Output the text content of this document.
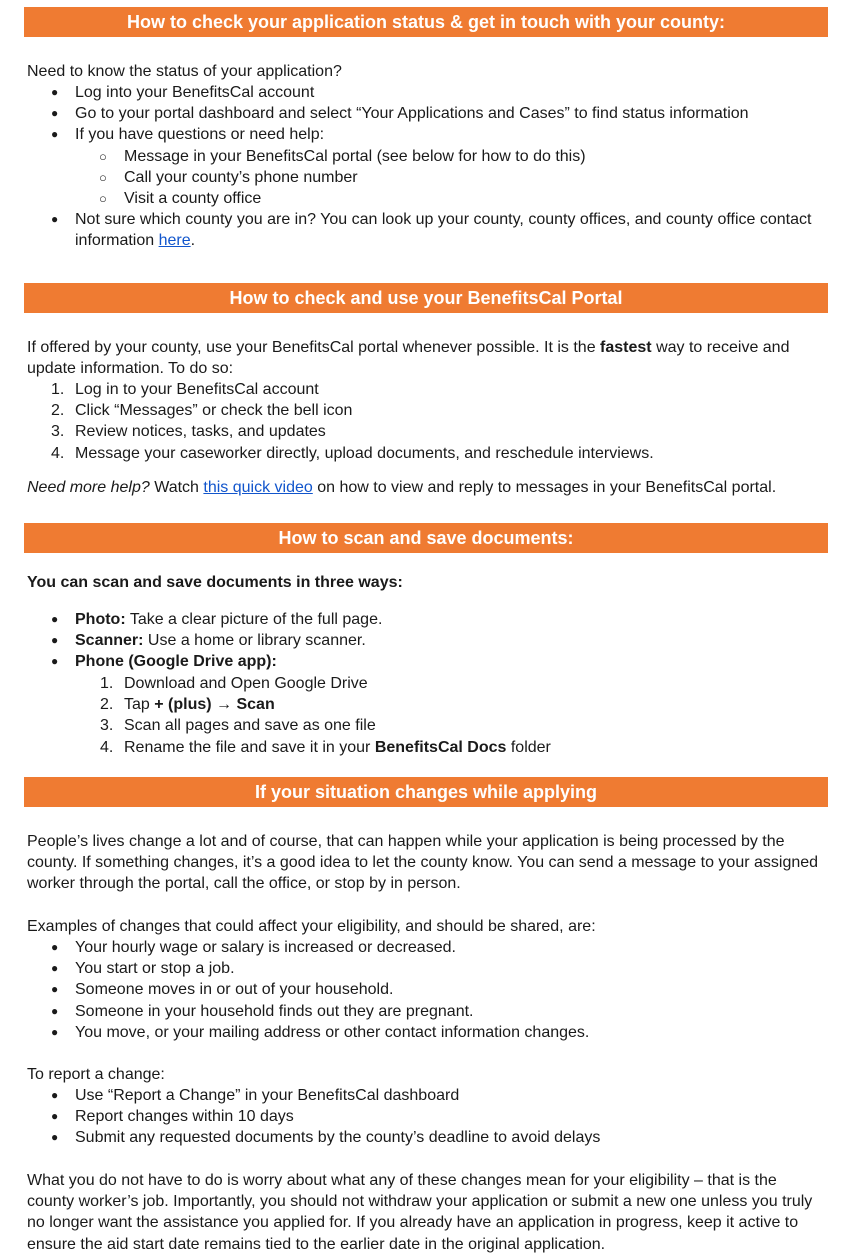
How to check your application status & get in touch with your county:

Need to know the status of your application?

● Log into your BenefitsCal account
● Go to your portal dashboard and select “Your Applications and Cases” to find status information
● If you have questions or need help:
○ Message in your BenefitsCal portal (see below for how to do this)
○ Call your county’s phone number
○ Visit a county office
● Not sure which county you are in? You can look up your county, county offices, and county office contact information here.
How to check and use your BenefitsCal Portal

If offered by your county, use your BenefitsCal portal whenever possible. It is the fastest way to receive and update information. To do so:

1. Log in to your BenefitsCal account
2. Click “Messages” or check the bell icon
3. Review notices, tasks, and updates
4. Message your caseworker directly, upload documents, and reschedule interviews.

Need more help? Watch this quick video on how to view and reply to messages in your BenefitsCal portal.

How to scan and save documents:

You can scan and save documents in three ways:

● Photo: Take a clear picture of the full page.
● Scanner: Use a home or library scanner.
● Phone (Google Drive app):
1. Download and Open Google Drive
2. Tap + (plus) → Scan
3. Scan all pages and save as one file
4. Rename the file and save it in your BenefitsCal Docs folder
If your situation changes while applying

People’s lives change a lot and of course, that can happen while your application is being processed by the county. If something changes, it’s a good idea to let the county know. You can send a message to your assigned worker through the portal, call the office, or stop by in person.

Examples of changes that could affect your eligibility, and should be shared, are:

● Your hourly wage or salary is increased or decreased.
● You start or stop a job.
● Someone moves in or out of your household.
● Someone in your household finds out they are pregnant.
● You move, or your mailing address or other contact information changes.

To report a change:

● Use “Report a Change” in your BenefitsCal dashboard
● Report changes within 10 days
● Submit any requested documents by the county’s deadline to avoid delays

What you do not have to do is worry about what any of these changes mean for your eligibility – that is the county worker’s job. Importantly, you should not withdraw your application or submit a new one unless you truly no longer want the assistance you applied for. If you already have an application in progress, keep it active to ensure the aid start date remains tied to the earlier date in the original application.
